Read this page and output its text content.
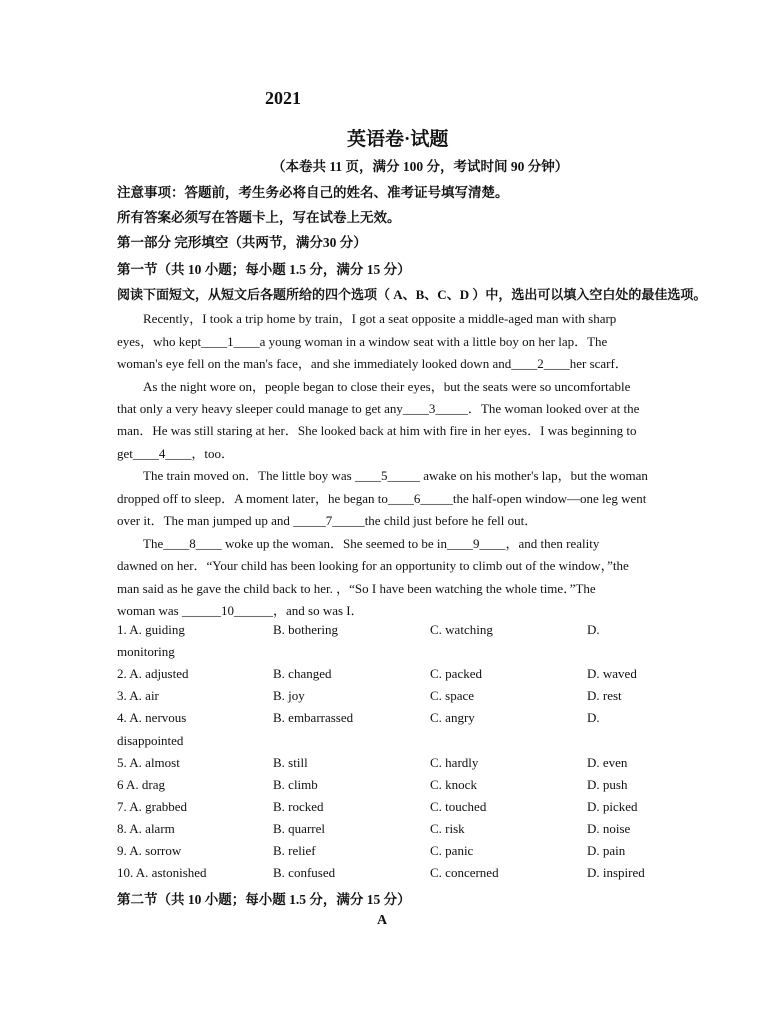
2021
英语卷·试题
（本卷共 11 页，满分 100 分，考试时间 90 分钟）
注意事项：答题前，考生务必将自己的姓名、准考证号填写清楚。
所有答案必须写在答题卡上，写在试卷上无效。
第一部分 完形填空（共两节，满分30 分）
第一节（共 10 小题；每小题 1.5 分，满分 15 分）
阅读下面短文，从短文后各题所给的四个选项（ A、B、C、D ）中，选出可以填入空白处的最佳选项。
Recently，I took a trip home by train，I got a seat opposite a middle-aged man with sharp
eyes，who kept____1____a young woman in a window seat with a little boy on her lap．The
woman's eye fell on the man's face，and she immediately looked down and____2____her scarf．
As the night wore on，people began to close their eyes，but the seats were so uncomfortable
that only a very heavy sleeper could manage to get any____3_____．The woman looked over at the
man．He was still staring at her．She looked back at him with fire in her eyes．I was beginning to
get____4____，too．
The train moved on．The little boy was ____5_____ awake on his mother's lap，but the woman
dropped off to sleep．A moment later，he began to____6_____the half-open window—one leg went
over it．The man jumped up and _____7_____the child just before he fell out．
The____8____ woke up the woman．She seemed to be in____9____，and then reality
dawned on her．“Your child has been looking for an opportunity to climb out of the window，”the
man said as he gave the child back to her. ，“So I have been watching the whole time．”The
woman was ______10______，and so was I．
1. A. guiding	B. bothering	C. watching	D.
monitoring
2. A. adjusted	B. changed	C. packed	D. waved
3. A. air	B. joy	C. space	D. rest
4. A. nervous	B. embarrassed	C. angry	D.
disappointed
5. A. almost	B. still	C. hardly	D. even
6 A. drag	B. climb	C. knock	D. push
7. A. grabbed	B. rocked	C. touched	D. picked
8. A. alarm	B. quarrel	C. risk	D. noise
9. A. sorrow	B. relief	C. panic	D. pain
10. A. astonished	B. confused	C. concerned	D. inspired
第二节（共 10 小题；每小题 1.5 分，满分 15 分）
A
